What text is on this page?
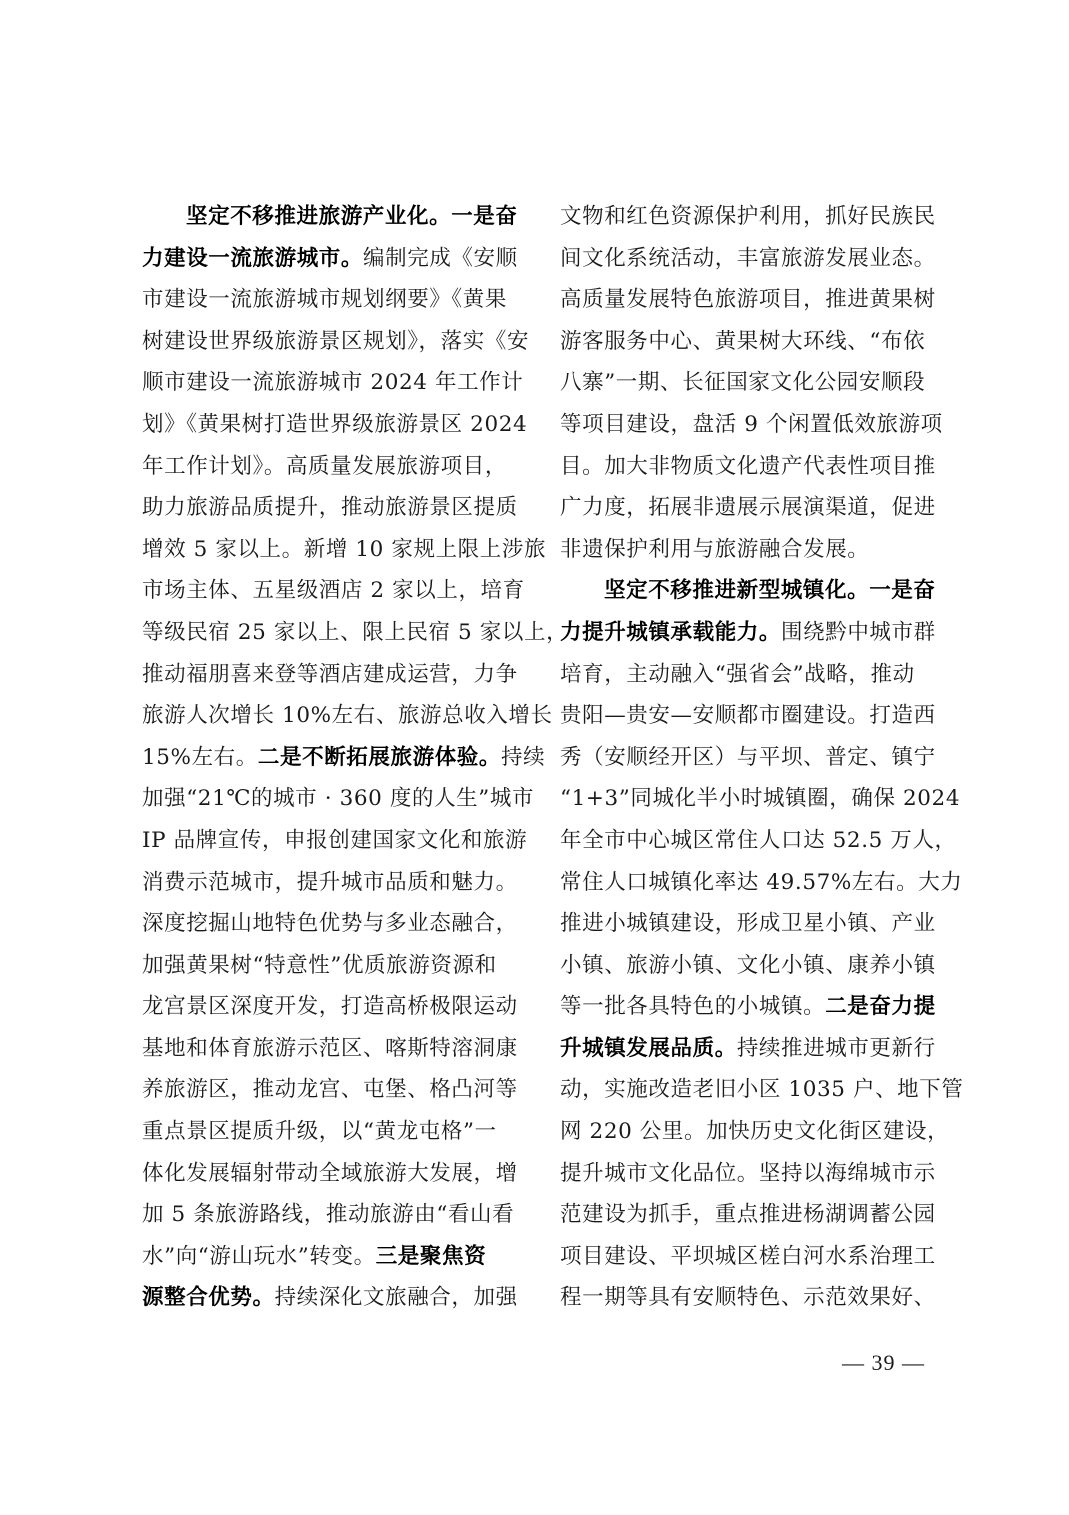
坚定不移推进旅游产业化。一是奋
力建设一流旅游城市。编制完成《安顺
市建设一流旅游城市规划纲要》《黄果
树建设世界级旅游景区规划》，落实《安
顺市建设一流旅游城市 2024 年工作计
划》《黄果树打造世界级旅游景区 2024
年工作计划》。高质量发展旅游项目，
助力旅游品质提升，推动旅游景区提质
增效 5 家以上。新增 10 家规上限上涉旅
市场主体、五星级酒店 2 家以上，培育
等级民宿 25 家以上、限上民宿 5 家以上，
推动福朋喜来登等酒店建成运营，力争
旅游人次增长 10%左右、旅游总收入增长
15%左右。二是不断拓展旅游体验。持续
加强“21℃的城市 · 360 度的人生”城市
IP 品牌宣传，申报创建国家文化和旅游
消费示范城市，提升城市品质和魅力。
深度挖掘山地特色优势与多业态融合，
加强黄果树“特意性”优质旅游资源和
龙宫景区深度开发，打造高桥极限运动
基地和体育旅游示范区、喀斯特溶洞康
养旅游区，推动龙宫、屯堡、格凸河等
重点景区提质升级，以“黄龙屯格”一
体化发展辐射带动全域旅游大发展，增
加 5 条旅游路线，推动旅游由“看山看
水”向“游山玩水”转变。三是聚焦资
源整合优势。持续深化文旅融合，加强
文物和红色资源保护利用，抓好民族民
间文化系统活动，丰富旅游发展业态。
高质量发展特色旅游项目，推进黄果树
游客服务中心、黄果树大环线、“布依
八寨”一期、长征国家文化公园安顺段
等项目建设，盘活 9 个闲置低效旅游项
目。加大非物质文化遗产代表性项目推
广力度，拓展非遗展示展演渠道，促进
非遗保护利用与旅游融合发展。
坚定不移推进新型城镇化。一是奋
力提升城镇承载能力。围绕黔中城市群
培育，主动融入“强省会”战略，推动
贵阳—贵安—安顺都市圈建设。打造西
秀（安顺经开区）与平坝、普定、镇宁
“1+3”同城化半小时城镇圈，确保 2024
年全市中心城区常住人口达 52.5 万人，
常住人口城镇化率达 49.57%左右。大力
推进小城镇建设，形成卫星小镇、产业
小镇、旅游小镇、文化小镇、康养小镇
等一批各具特色的小城镇。二是奋力提
升城镇发展品质。持续推进城市更新行
动，实施改造老旧小区 1035 户、地下管
网 220 公里。加快历史文化街区建设，
提升城市文化品位。坚持以海绵城市示
范建设为抓手，重点推进杨湖调蓄公园
项目建设、平坝城区槎白河水系治理工
程一期等具有安顺特色、示范效果好、
— 39 —
